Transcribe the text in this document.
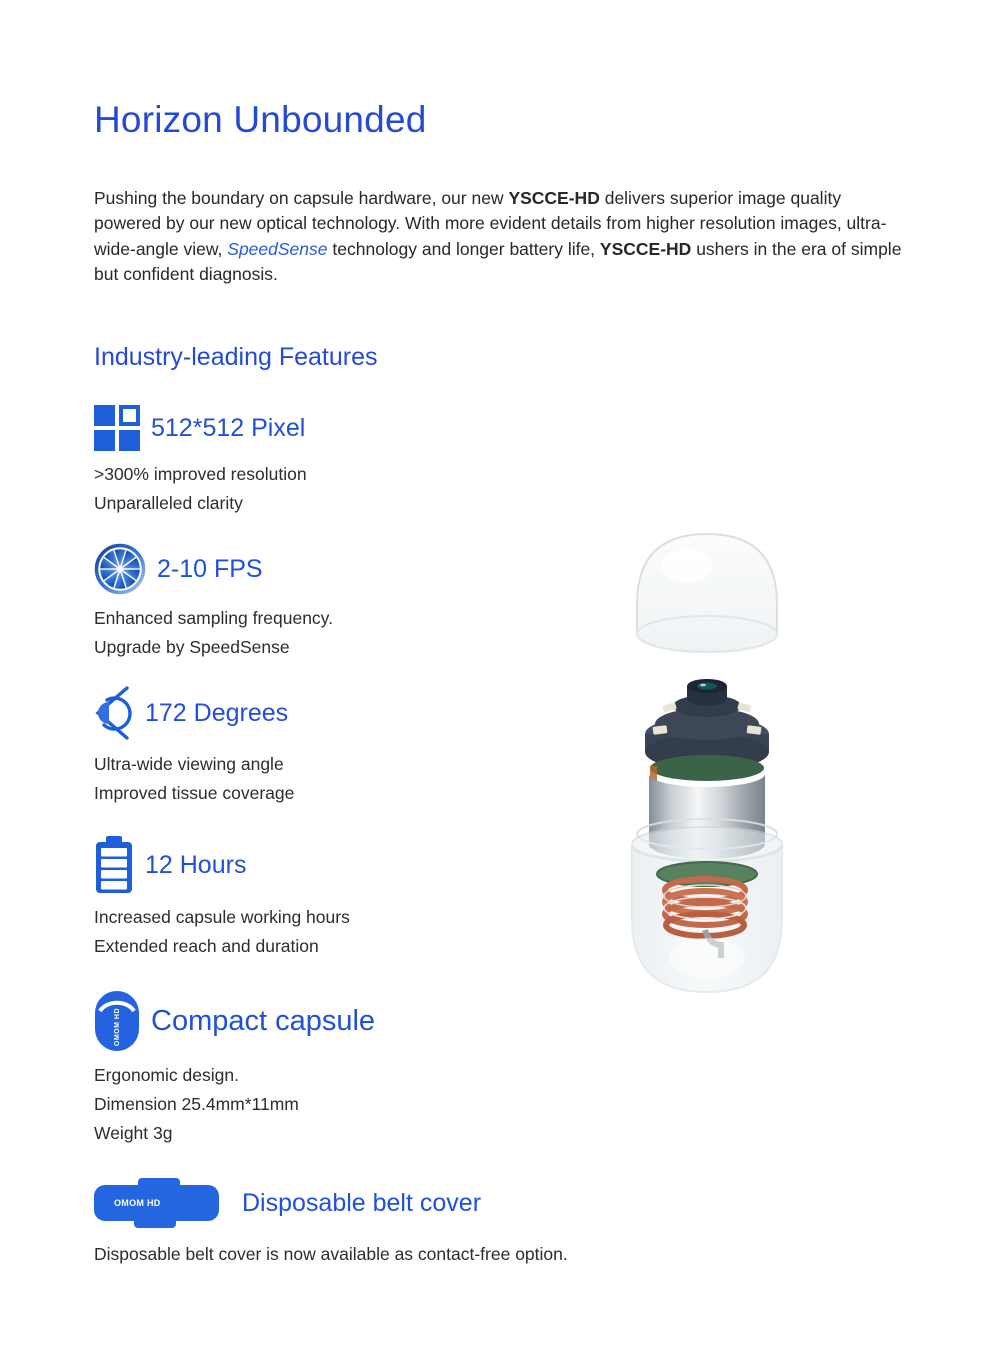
Horizon Unbounded

Pushing the boundary on capsule hardware, our new YSCCE-HD delivers superior image quality powered by our new optical technology. With more evident details from higher resolution images, ultra-wide-angle view, SpeedSense technology and longer battery life, YSCCE-HD ushers in the era of simple but confident diagnosis.

Industry-leading Features
512*512 Pixel

>300% improved resolution

Unparalleled clarity

2-10 FPS

Enhanced sampling frequency.

Upgrade by SpeedSense

172 Degrees

Ultra-wide viewing angle

Improved tissue coverage

12 Hours

Increased capsule working hours

Extended reach and duration

OMOM HD Compact capsule

Ergonomic design.

Dimension 25.4mm*11mm

Weight 3g

OMOM HD	Disposable belt cover

Disposable belt cover is now available as contact-free option.
